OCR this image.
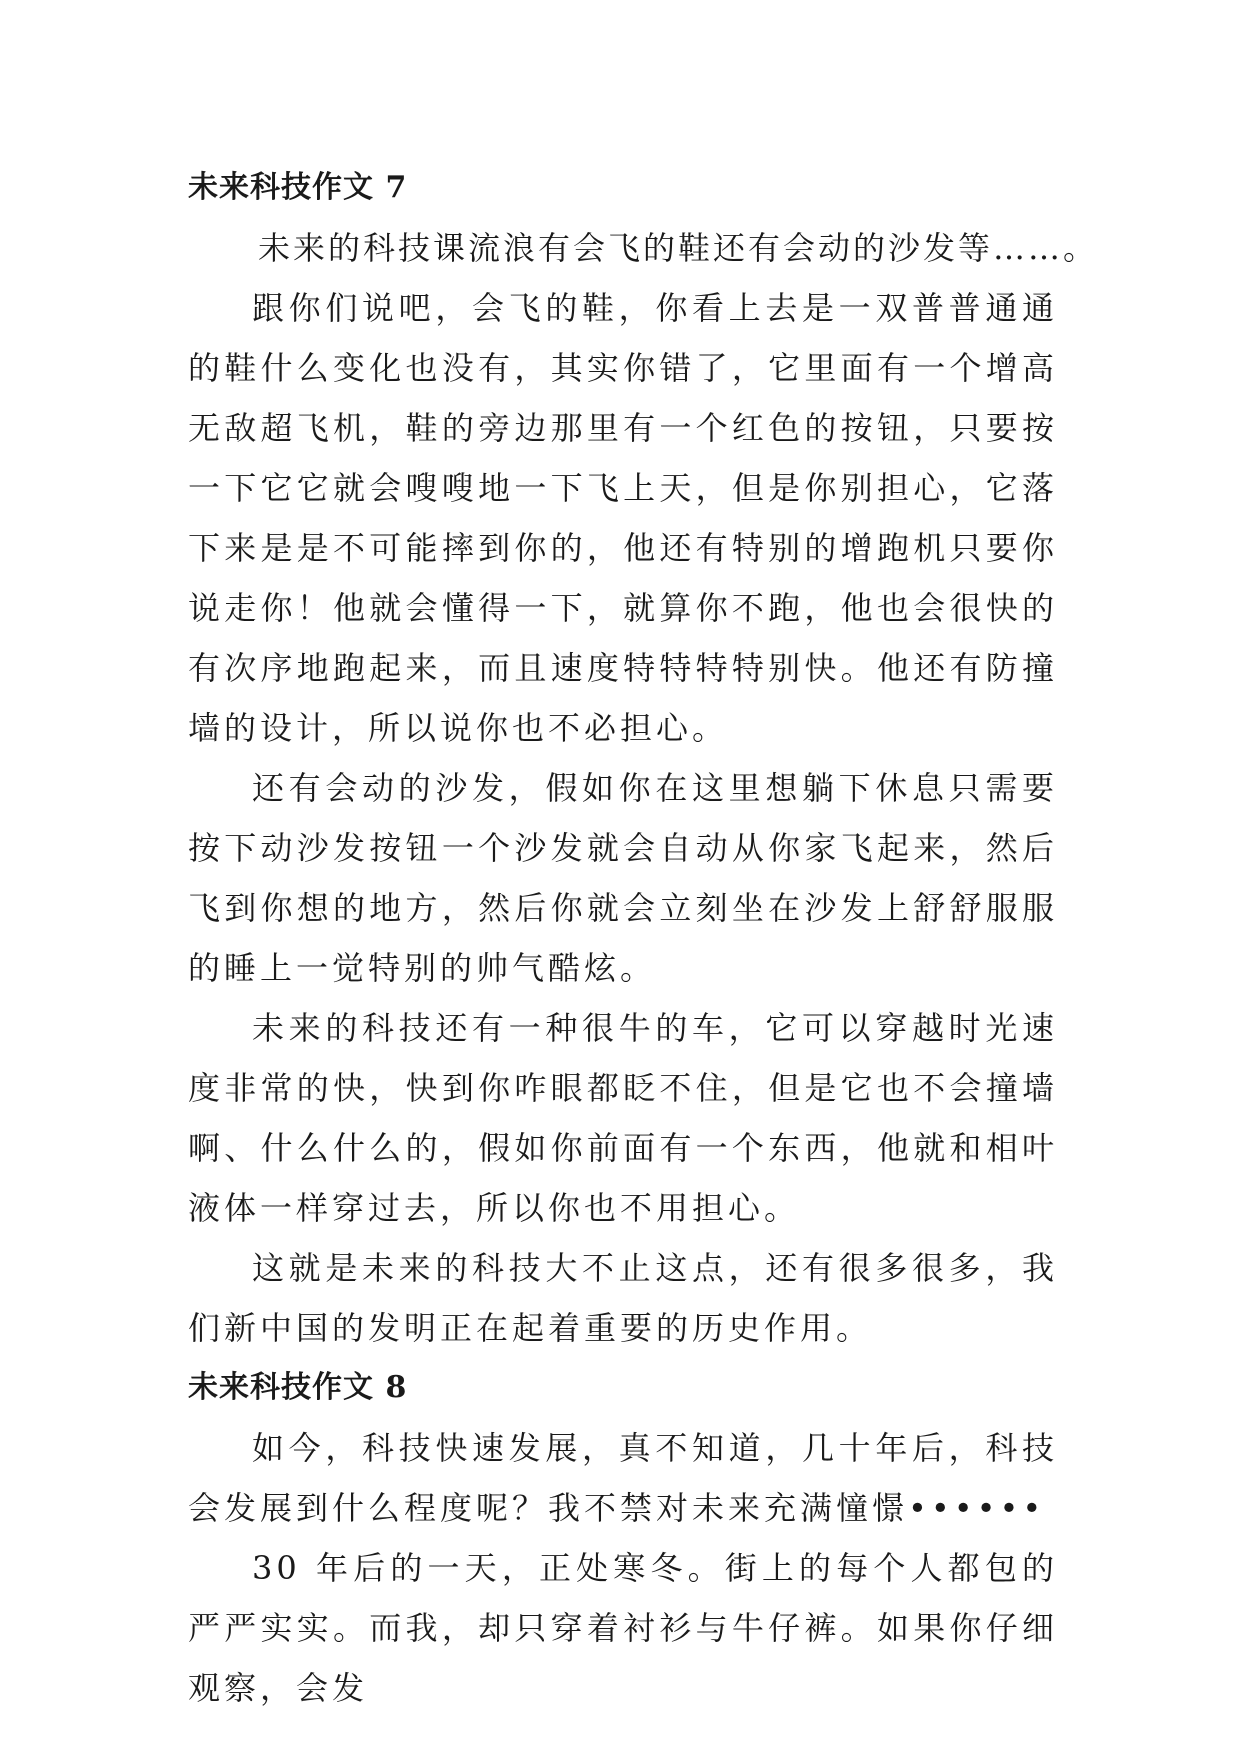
未来科技作文 7

未来的科技课流浪有会飞的鞋还有会动的沙发等……。

跟你们说吧，会飞的鞋，你看上去是一双普普通通的鞋什么变化也没有，其实你错了，它里面有一个增高无敌超飞机，鞋的旁边那里有一个红色的按钮，只要按一下它它就会嗖嗖地一下飞上天，但是你别担心，它落下来是是不可能摔到你的，他还有特别的增跑机只要你说走你！他就会懂得一下，就算你不跑，他也会很快的有次序地跑起来，而且速度特特特特别快。他还有防撞墙的设计，所以说你也不必担心。

还有会动的沙发，假如你在这里想躺下休息只需要按下动沙发按钮一个沙发就会自动从你家飞起来，然后飞到你想的地方，然后你就会立刻坐在沙发上舒舒服服的睡上一觉特别的帅气酷炫。

未来的科技还有一种很牛的车，它可以穿越时光速度非常的快，快到你咋眼都眨不住，但是它也不会撞墙啊、什么什么的，假如你前面有一个东西，他就和相叶液体一样穿过去，所以你也不用担心。

这就是未来的科技大不止这点，还有很多很多，我们新中国的发明正在起着重要的历史作用。

未来科技作文 8

如今，科技快速发展，真不知道，几十年后，科技会发展到什么程度呢？我不禁对未来充满憧憬••••••

30 年后的一天，正处寒冬。街上的每个人都包的严严实实。而我，却只穿着衬衫与牛仔裤。如果你仔细观察，会发
